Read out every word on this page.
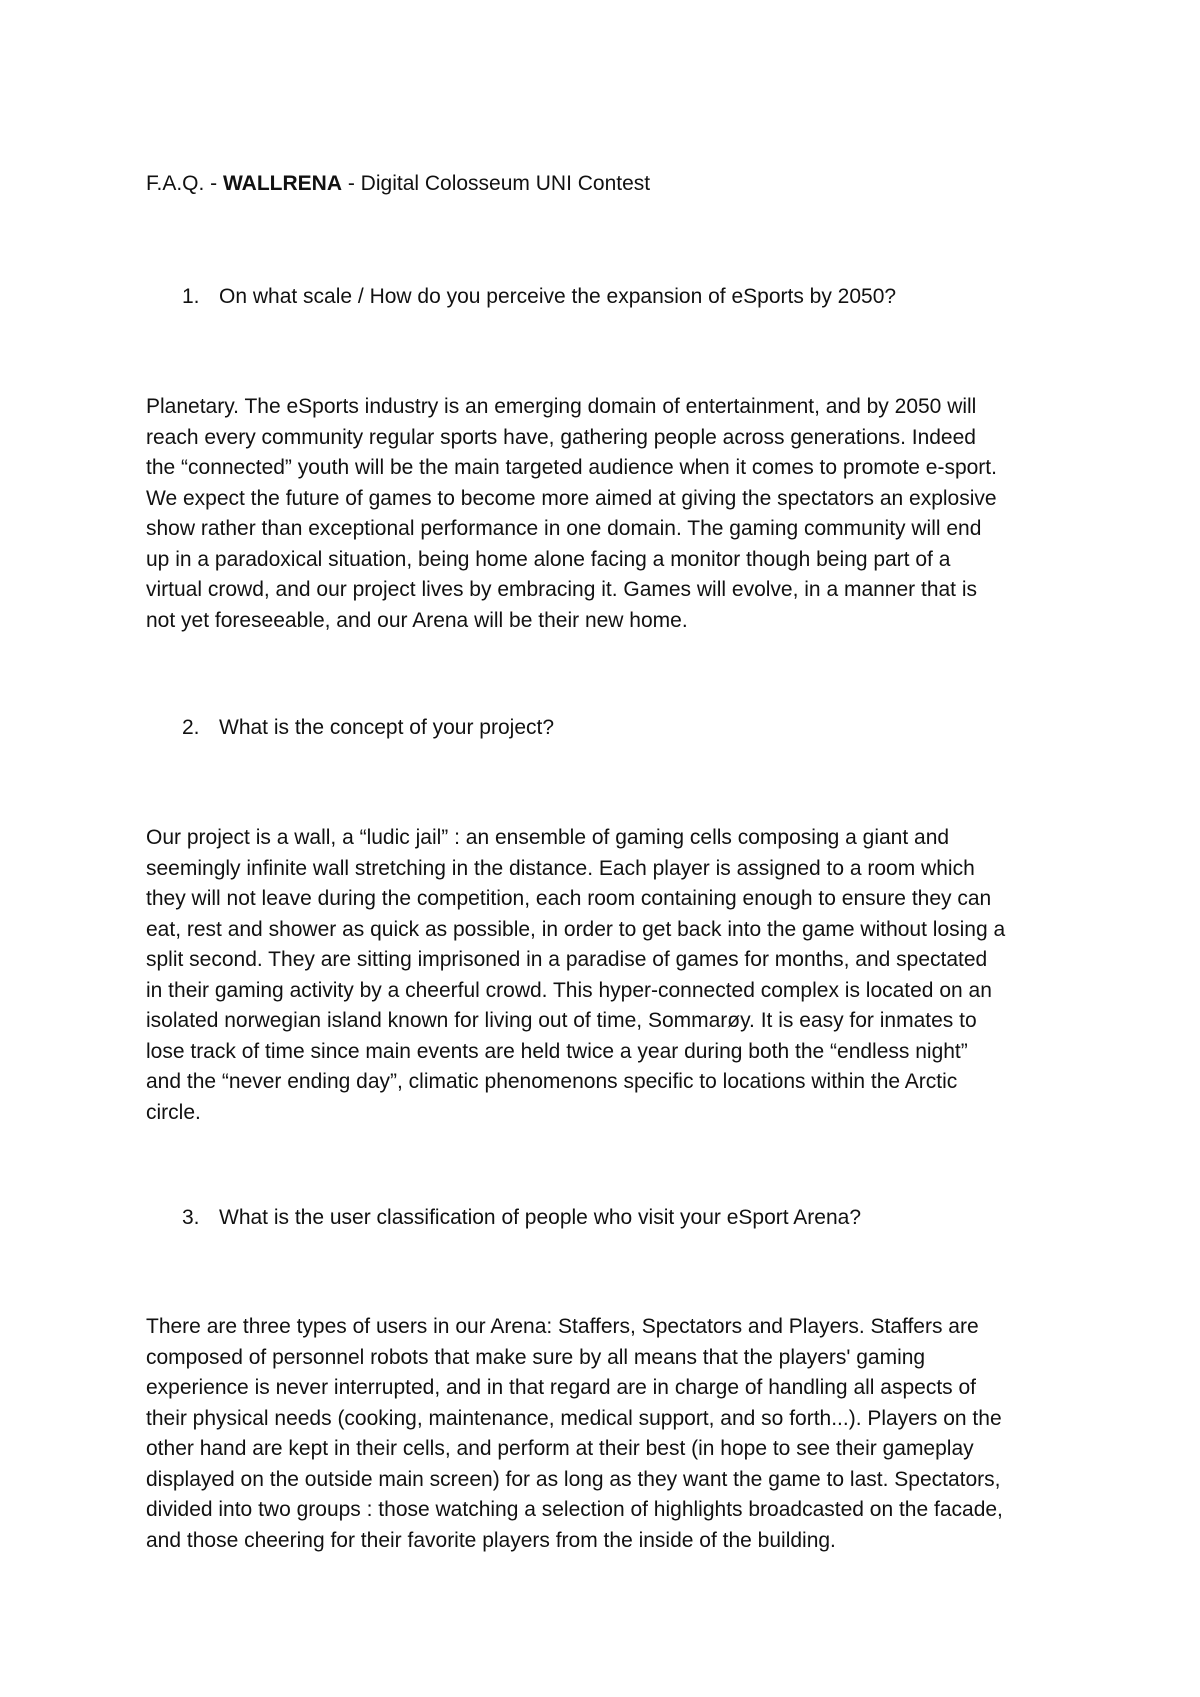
F.A.Q. - WALLRENA - Digital Colosseum UNI Contest
1. On what scale / How do you perceive the expansion of eSports by 2050?
Planetary. The eSports industry is an emerging domain of entertainment, and by 2050 will
reach every community regular sports have, gathering people across generations. Indeed
the “connected” youth will be the main targeted audience when it comes to promote e-sport.
We expect the future of games to become more aimed at giving the spectators an explosive
show rather than exceptional performance in one domain. The gaming community will end
up in a paradoxical situation, being home alone facing a monitor though being part of a
virtual crowd, and our project lives by embracing it. Games will evolve, in a manner that is
not yet foreseeable, and our Arena will be their new home.
2. What is the concept of your project?
Our project is a wall, a “ludic jail” : an ensemble of gaming cells composing a giant and
seemingly infinite wall stretching in the distance. Each player is assigned to a room which
they will not leave during the competition, each room containing enough to ensure they can
eat, rest and shower as quick as possible, in order to get back into the game without losing a
split second. They are sitting imprisoned in a paradise of games for months, and spectated
in their gaming activity by a cheerful crowd. This hyper-connected complex is located on an
isolated norwegian island known for living out of time, Sommarøy. It is easy for inmates to
lose track of time since main events are held twice a year during both the “endless night”
and the “never ending day”, climatic phenomenons specific to locations within the Arctic
circle.
3. What is the user classification of people who visit your eSport Arena?
There are three types of users in our Arena: Staffers, Spectators and Players. Staffers are
composed of personnel robots that make sure by all means that the players' gaming
experience is never interrupted, and in that regard are in charge of handling all aspects of
their physical needs (cooking, maintenance, medical support, and so forth...). Players on the
other hand are kept in their cells, and perform at their best (in hope to see their gameplay
displayed on the outside main screen) for as long as they want the game to last. Spectators,
divided into two groups : those watching a selection of highlights broadcasted on the facade,
and those cheering for their favorite players from the inside of the building.
